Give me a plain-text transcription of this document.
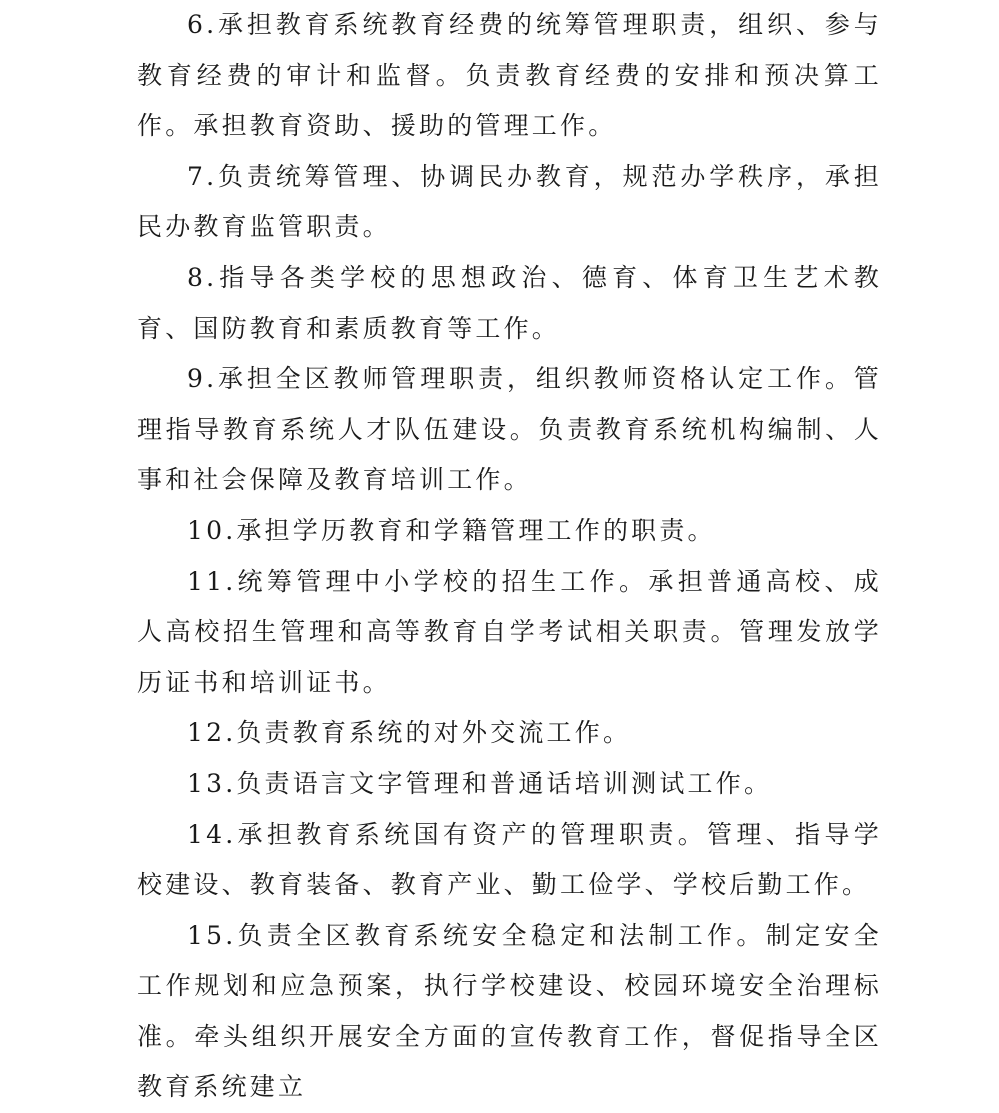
6.承担教育系统教育经费的统筹管理职责，组织、参与教育经费的审计和监督。负责教育经费的安排和预决算工作。承担教育资助、援助的管理工作。

7.负责统筹管理、协调民办教育，规范办学秩序，承担民办教育监管职责。

8.指导各类学校的思想政治、德育、体育卫生艺术教育、国防教育和素质教育等工作。

9.承担全区教师管理职责，组织教师资格认定工作。管理指导教育系统人才队伍建设。负责教育系统机构编制、人事和社会保障及教育培训工作。

10.承担学历教育和学籍管理工作的职责。

11.统筹管理中小学校的招生工作。承担普通高校、成人高校招生管理和高等教育自学考试相关职责。管理发放学历证书和培训证书。

12.负责教育系统的对外交流工作。

13.负责语言文字管理和普通话培训测试工作。

14.承担教育系统国有资产的管理职责。管理、指导学校建设、教育装备、教育产业、勤工俭学、学校后勤工作。

15.负责全区教育系统安全稳定和法制工作。制定安全工作规划和应急预案，执行学校建设、校园环境安全治理标准。牵头组织开展安全方面的宣传教育工作，督促指导全区教育系统建立
